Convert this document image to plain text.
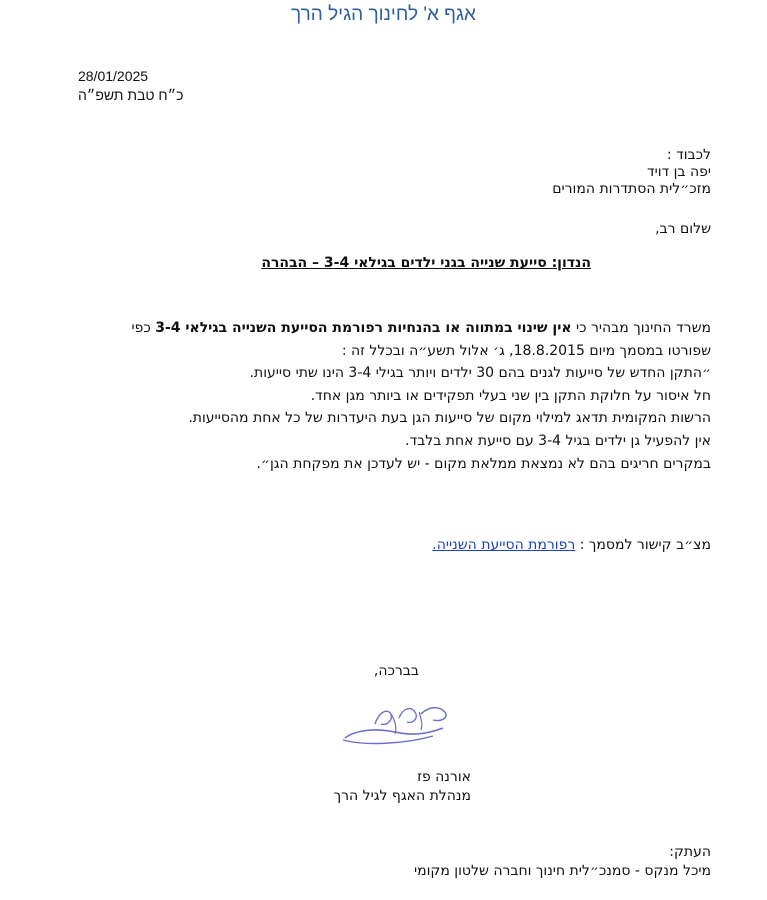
אגף א' לחינוך הגיל הרך
28/01/2025
כ״ח טבת תשפ״ה
לכבוד :
יפה בן דויד
מזכ״לית הסתדרות המורים
שלום רב,
הנדון: סייעת שנייה בגני ילדים בגילאי 3-4 – הבהרה
משרד החינוך מבהיר כי אין שינוי במתווה או בהנחיות רפורמת הסייעת השנייה בגילאי 3-4 כפי
שפורטו במסמך מיום 18.8.2015, ג׳ אלול תשע״ה ובכלל זה :
״התקן החדש של סייעות לגנים בהם 30 ילדים ויותר בגילי 3-4 הינו שתי סייעות.
חל איסור על חלוקת התקן בין שני בעלי תפקידים או ביותר מגן אחד.
הרשות המקומית תדאג למילוי מקום של סייעות הגן בעת היעדרות של כל אחת מהסייעות.
אין להפעיל גן ילדים בגיל 3-4 עם סייעת אחת בלבד.
במקרים חריגים בהם לא נמצאת ממלאת מקום - יש לעדכן את מפקחת הגן״.
מצ״ב קישור למסמך : רפורמת הסייעת השנייה.
בברכה,
אורנה פז
מנהלת האגף לגיל הרך
העתק:
מיכל מנקס - סמנכ״לית חינוך וחברה שלטון מקומי
